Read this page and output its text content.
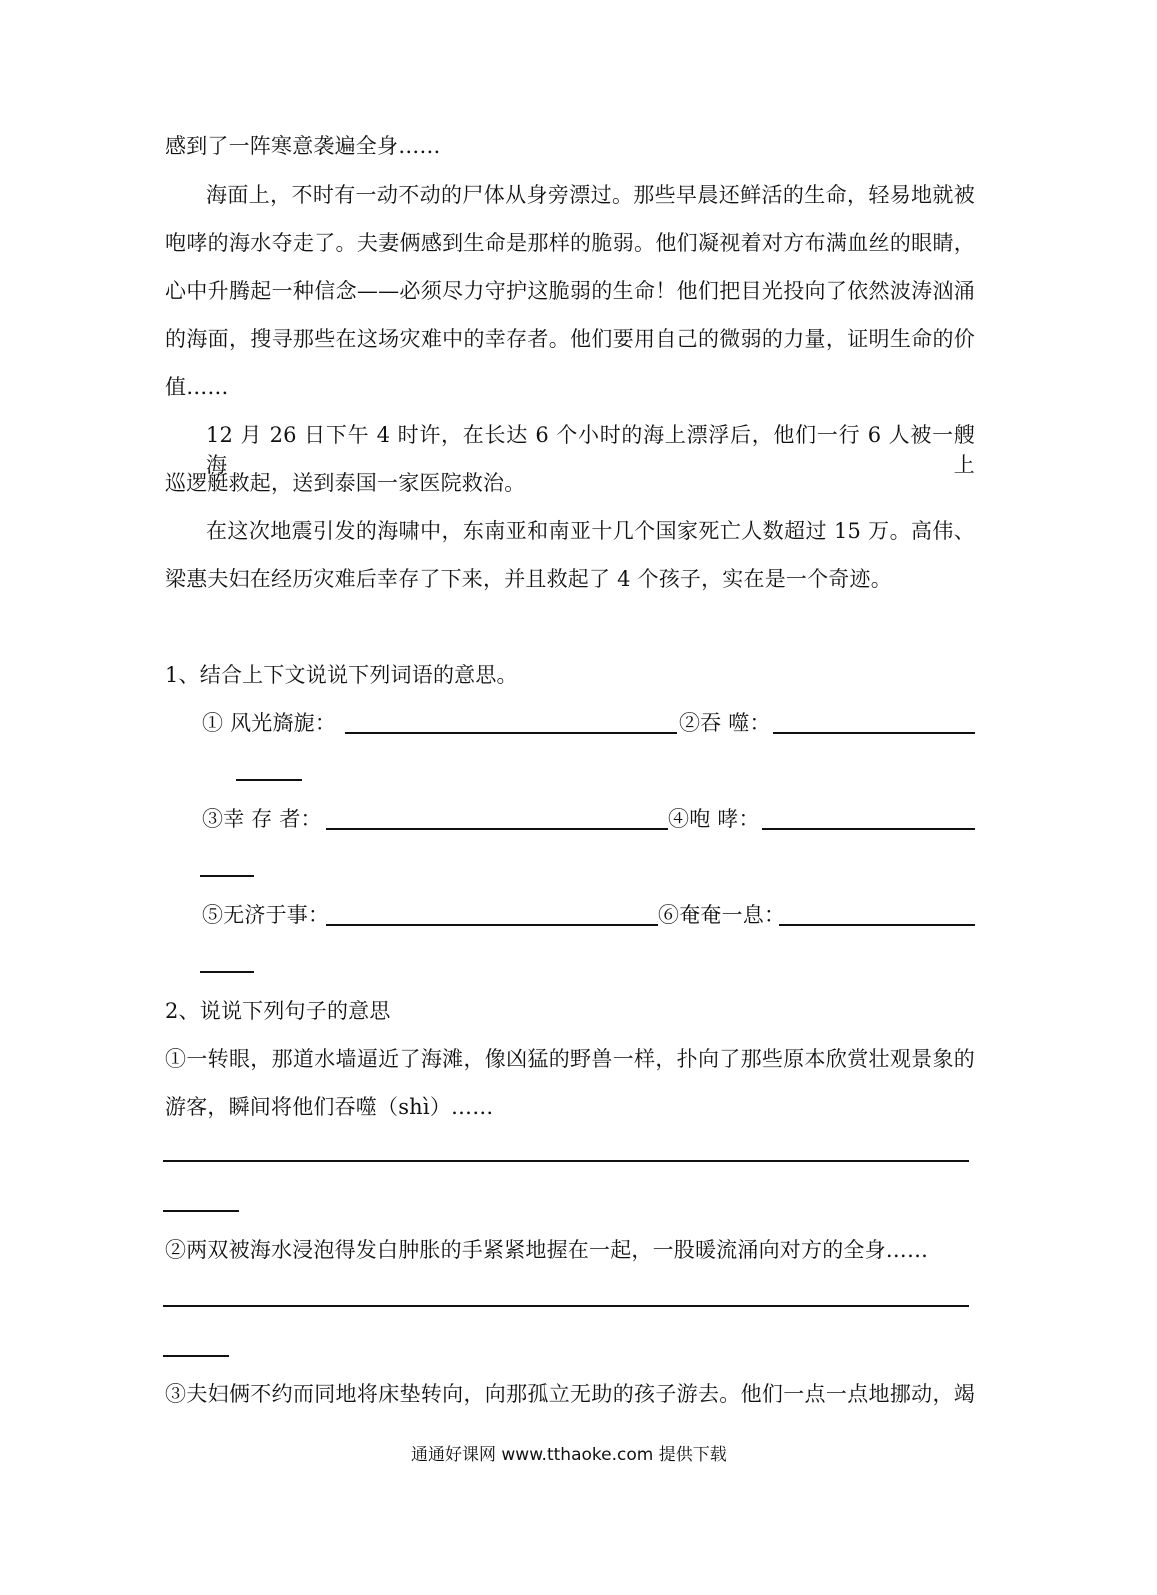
感到了一阵寒意袭遍全身……
海面上，不时有一动不动的尸体从身旁漂过。那些早晨还鲜活的生命，轻易地就被
咆哮的海水夺走了。夫妻俩感到生命是那样的脆弱。他们凝视着对方布满血丝的眼睛，
心中升腾起一种信念——必须尽力守护这脆弱的生命！他们把目光投向了依然波涛汹涌
的海面，搜寻那些在这场灾难中的幸存者。他们要用自己的微弱的力量，证明生命的价
值……
12 月 26 日下午 4 时许，在长达 6 个小时的海上漂浮后，他们一行 6 人被一艘海上
巡逻艇救起，送到泰国一家医院救治。
在这次地震引发的海啸中，东南亚和南亚十几个国家死亡人数超过 15 万。高伟、
梁惠夫妇在经历灾难后幸存了下来，并且救起了 4 个孩子，实在是一个奇迹。
1、结合上下文说说下列词语的意思。
① 风光旖旎：	②吞 噬：
③幸 存 者：	④咆 哮：
⑤无济于事：	⑥奄奄一息：
2、说说下列句子的意思
①一转眼，那道水墙逼近了海滩，像凶猛的野兽一样，扑向了那些原本欣赏壮观景象的
游客，瞬间将他们吞噬（shì）……
②两双被海水浸泡得发白肿胀的手紧紧地握在一起，一股暖流涌向对方的全身……
③夫妇俩不约而同地将床垫转向，向那孤立无助的孩子游去。他们一点一点地挪动，竭
通通好课网 www.tthaoke.com 提供下载
